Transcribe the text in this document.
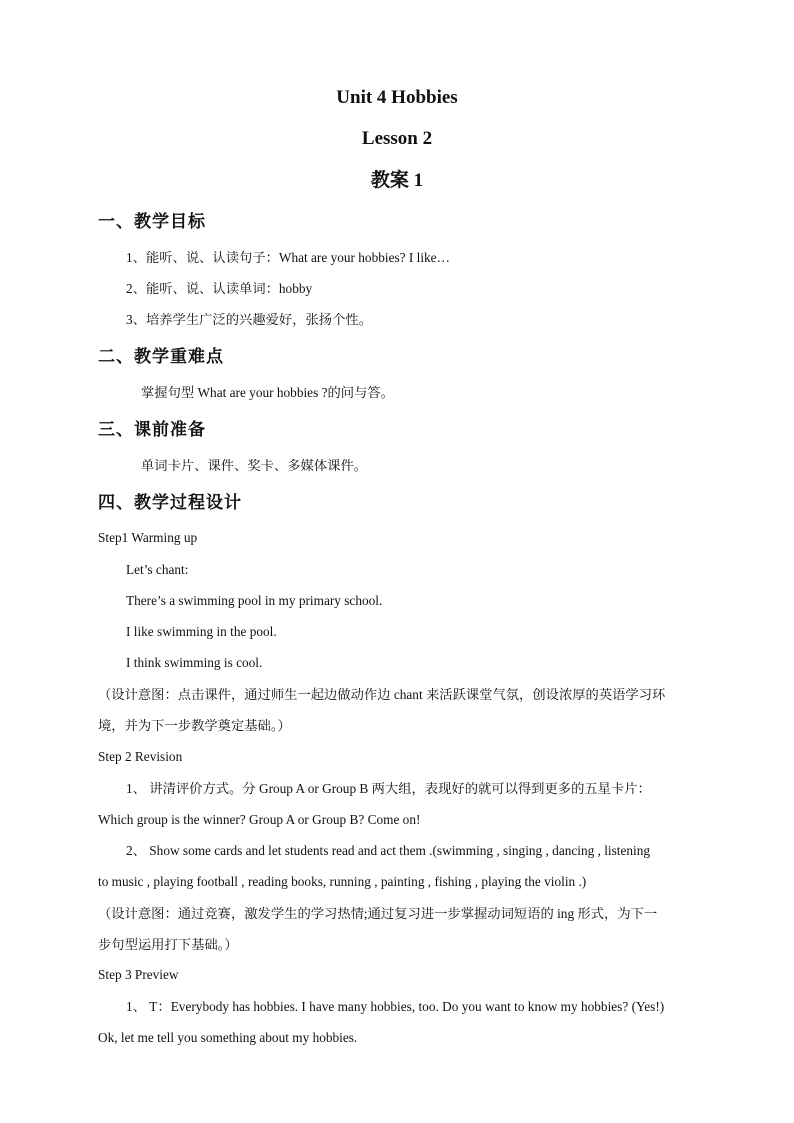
Unit 4 Hobbies
Lesson 2
教案 1
一、教学目标
1、能听、说、认读句子：What are your hobbies? I like…
2、能听、说、认读单词：hobby
3、培养学生广泛的兴趣爱好，张扬个性。
二、教学重难点
掌握句型 What are your hobbies ?的问与答。
三、课前准备
单词卡片、课件、奖卡、多媒体课件。
四、教学过程设计
Step1 Warming up
Let’s chant:
There’s a swimming pool in my primary school.
I like swimming in the pool.
I think swimming is cool.
（设计意图：点击课件，通过师生一起边做动作边 chant 来活跃课堂气氛，创设浓厚的英语学习环
境，并为下一步教学奠定基础。）
Step 2 Revision
1、 讲清评价方式。分 Group A or Group B 两大组，表现好的就可以得到更多的五星卡片：
Which group is the winner? Group A or Group B? Come on!
2、 Show some cards and let students read and act them .(swimming , singing , dancing , listening
to music , playing football , reading books, running , painting , fishing , playing the violin .)
（设计意图：通过竞赛，激发学生的学习热情;通过复习进一步掌握动词短语的 ing 形式，为下一
步句型运用打下基础。）
Step 3 Preview
1、 T：Everybody has hobbies. I have many hobbies, too. Do you want to know my hobbies? (Yes!)
Ok, let me tell you something about my hobbies.
